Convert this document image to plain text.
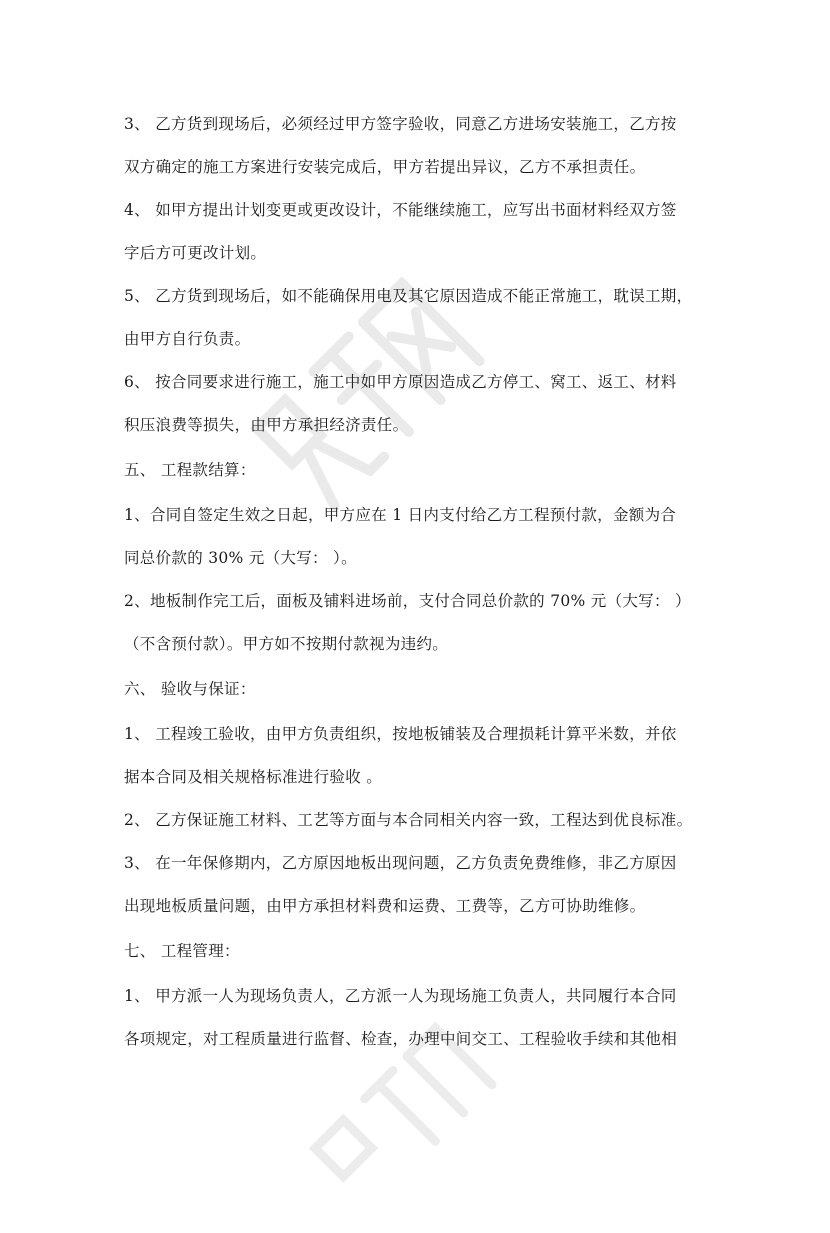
3、 乙方货到现场后，必须经过甲方签字验收，同意乙方进场安装施工，乙方按
双方确定的施工方案进行安装完成后，甲方若提出异议，乙方不承担责任。
4、 如甲方提出计划变更或更改设计，不能继续施工，应写出书面材料经双方签
字后方可更改计划。
5、 乙方货到现场后，如不能确保用电及其它原因造成不能正常施工，耽误工期，
由甲方自行负责。
6、 按合同要求进行施工，施工中如甲方原因造成乙方停工、窝工、返工、材料
积压浪费等损失，由甲方承担经济责任。
五、 工程款结算：
1、合同自签定生效之日起，甲方应在 1 日内支付给乙方工程预付款，金额为合
同总价款的 30% 元（大写： ）。
2、地板制作完工后，面板及铺料进场前，支付合同总价款的 70% 元（大写： ）
（不含预付款）。甲方如不按期付款视为违约。
六、 验收与保证：
1、 工程竣工验收，由甲方负责组织，按地板铺装及合理损耗计算平米数，并依
据本合同及相关规格标准进行验收 。
2、 乙方保证施工材料、工艺等方面与本合同相关内容一致，工程达到优良标准。
3、 在一年保修期内，乙方原因地板出现问题，乙方负责免费维修，非乙方原因
出现地板质量问题，由甲方承担材料费和运费、工费等，乙方可协助维修。
七、 工程管理：
1、 甲方派一人为现场负责人，乙方派一人为现场施工负责人，共同履行本合同
各项规定，对工程质量进行监督、检查，办理中间交工、工程验收手续和其他相
